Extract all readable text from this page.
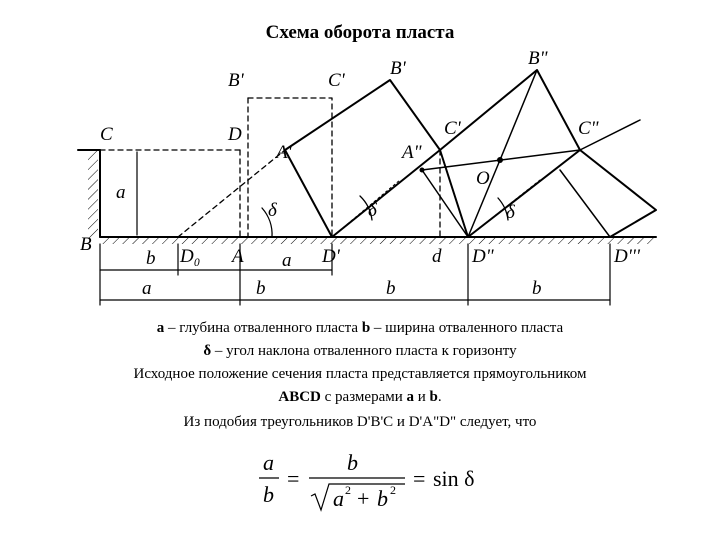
Схема оборота пласта
B'	C'
B'	B"
C	D
A'	A"
C'	C"
a
δ	δ	δ
O
B
D₀ A	D'	d D"	D'''
b	a
a	b	b	b
a – глубина отваленного пласта b – ширина отваленного пласта
δ – угол наклона отваленного пласта к горизонту
Исходное положение сечения пласта представляется прямоугольником
ABCD с размерами a и b.
Из подобия треугольников D'B'C и D'A"D" следует, что
a
b
=
b
a 2 + b 2 = sin δ
